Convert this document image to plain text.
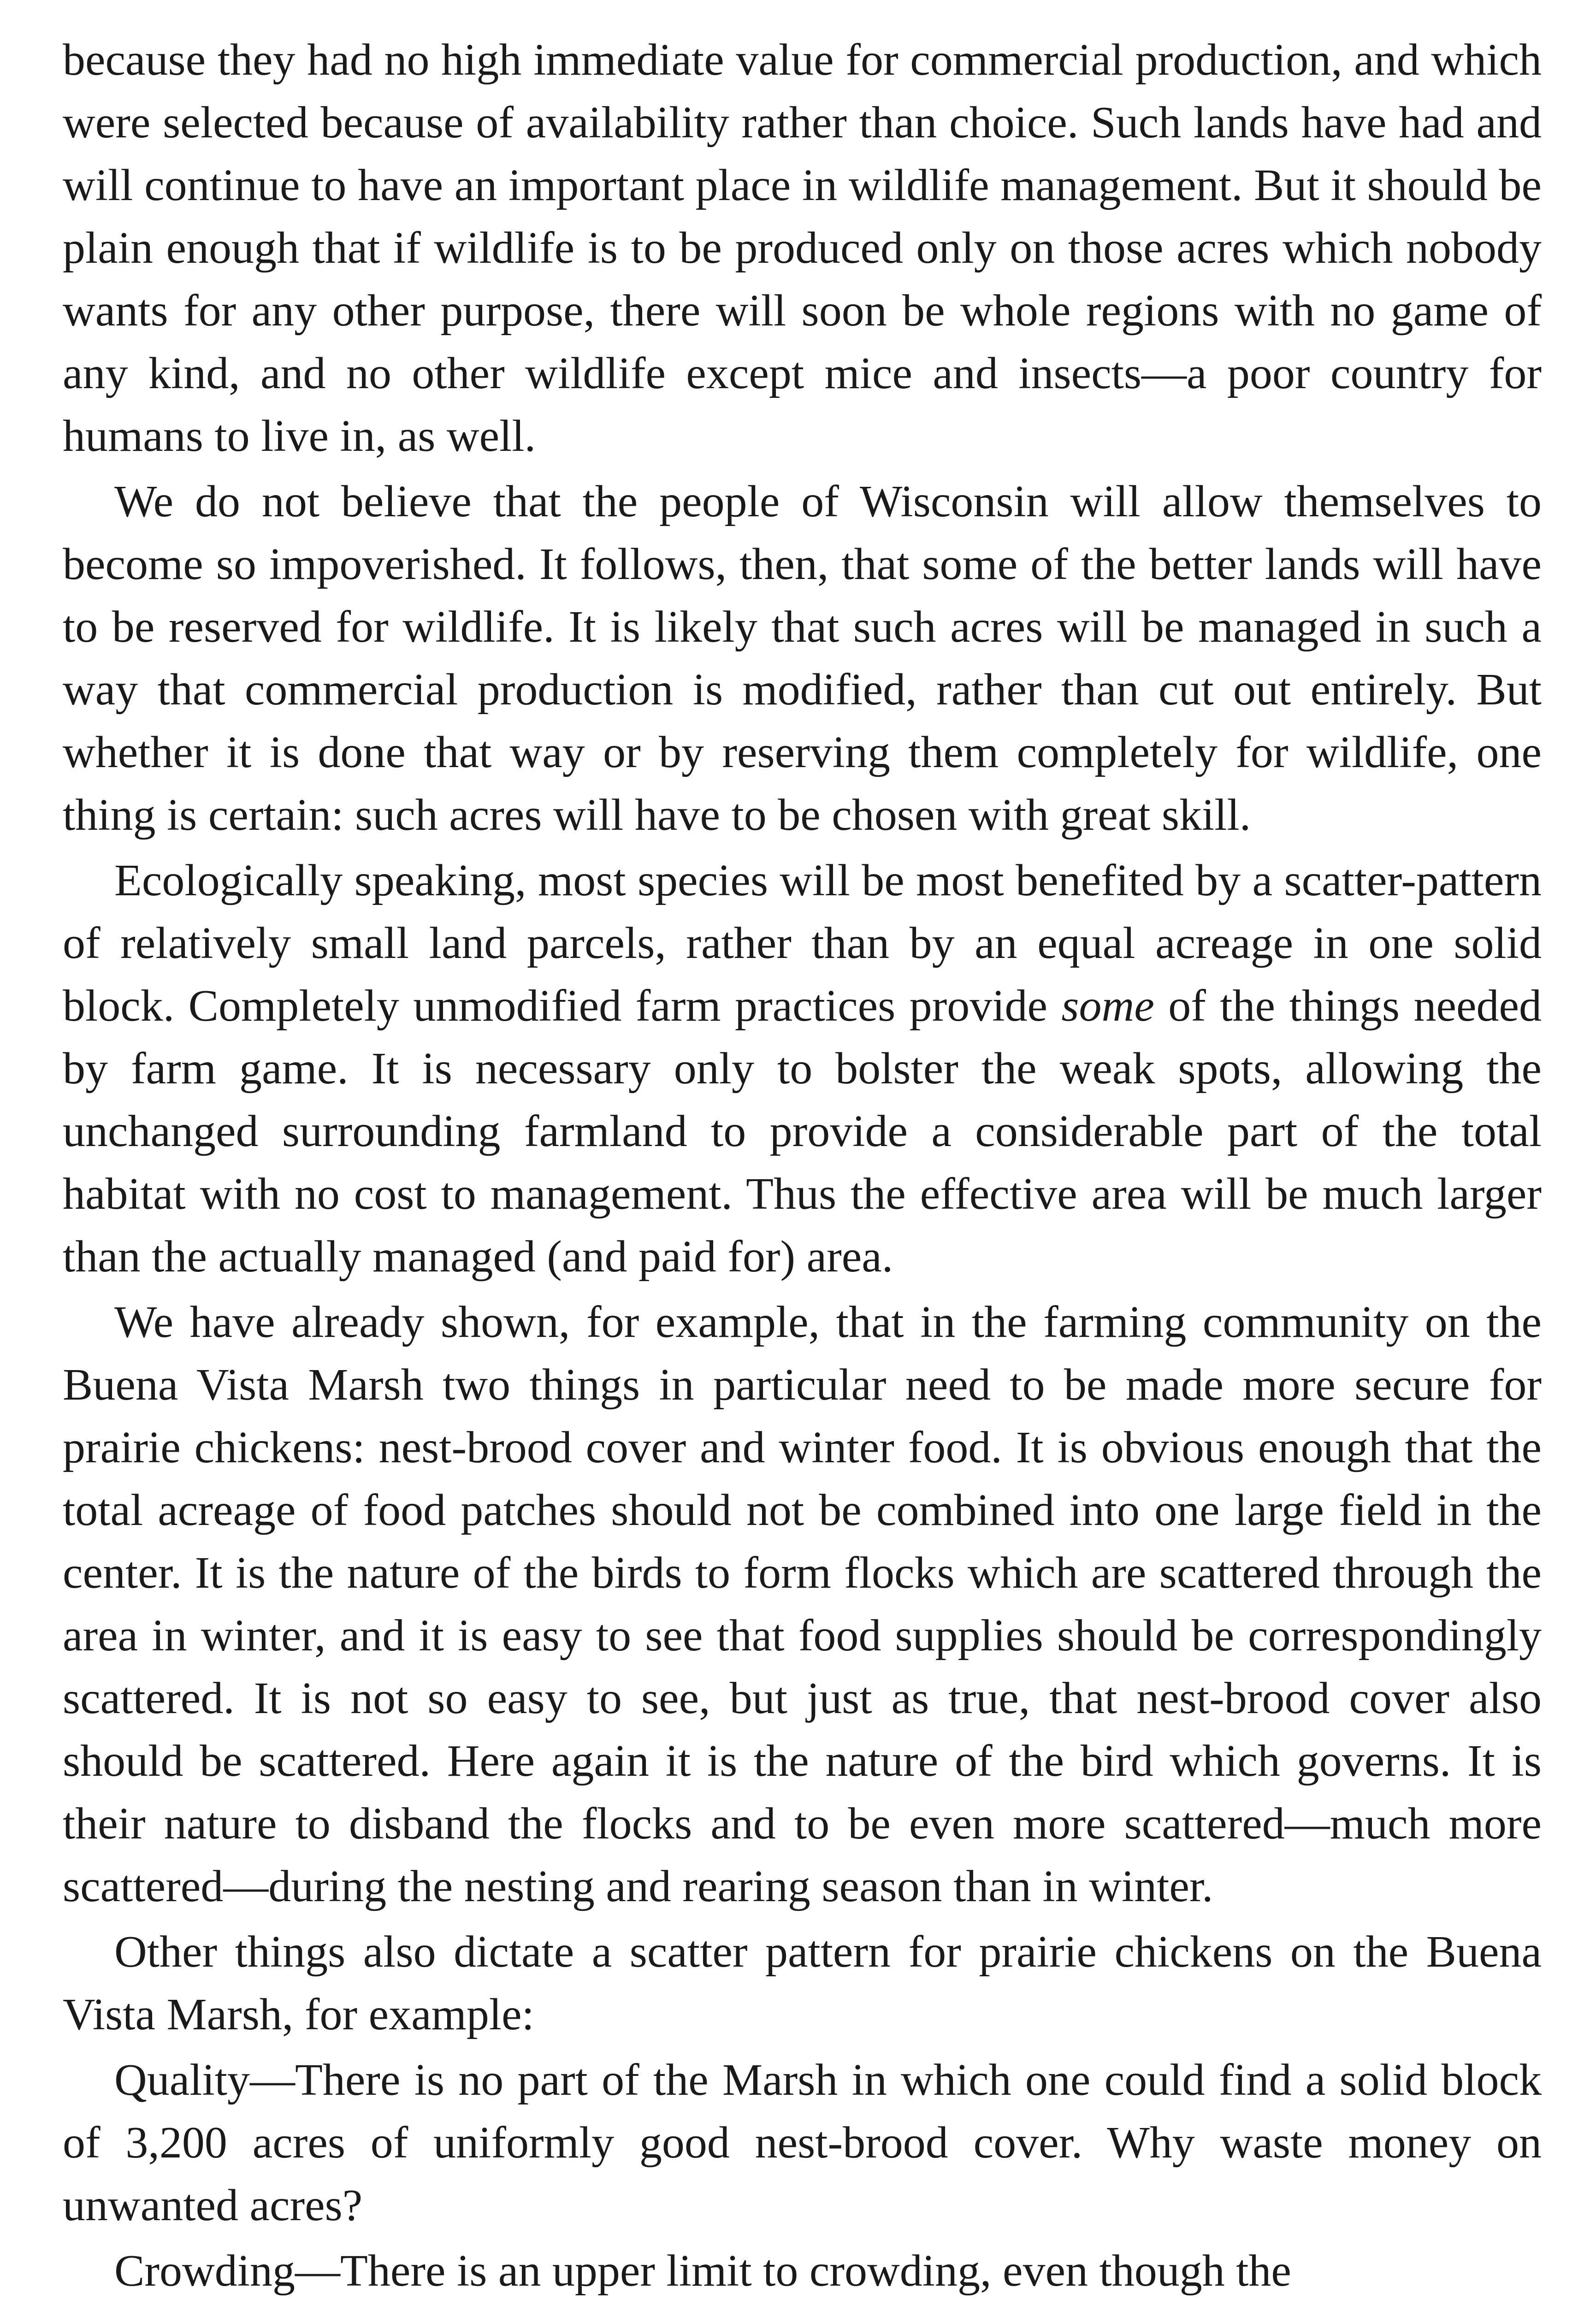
because they had no high immediate value for commercial production, and which were selected because of availability rather than choice. Such lands have had and will continue to have an important place in wildlife management. But it should be plain enough that if wildlife is to be produced only on those acres which nobody wants for any other purpose, there will soon be whole regions with no game of any kind, and no other wildlife except mice and insects—a poor country for humans to live in, as well.

We do not believe that the people of Wisconsin will allow themselves to become so impoverished. It follows, then, that some of the better lands will have to be reserved for wildlife. It is likely that such acres will be managed in such a way that commercial production is modified, rather than cut out entirely. But whether it is done that way or by reserving them completely for wildlife, one thing is certain: such acres will have to be chosen with great skill.

Ecologically speaking, most species will be most benefited by a scatter-pattern of relatively small land parcels, rather than by an equal acreage in one solid block. Completely unmodified farm practices provide some of the things needed by farm game. It is necessary only to bolster the weak spots, allowing the unchanged surrounding farmland to provide a considerable part of the total habitat with no cost to management. Thus the effective area will be much larger than the actually managed (and paid for) area.

We have already shown, for example, that in the farming community on the Buena Vista Marsh two things in particular need to be made more secure for prairie chickens: nest-brood cover and winter food. It is obvious enough that the total acreage of food patches should not be combined into one large field in the center. It is the nature of the birds to form flocks which are scattered through the area in winter, and it is easy to see that food supplies should be correspondingly scattered. It is not so easy to see, but just as true, that nest-brood cover also should be scattered. Here again it is the nature of the bird which governs. It is their nature to disband the flocks and to be even more scattered—much more scattered—during the nesting and rearing season than in winter.

Other things also dictate a scatter pattern for prairie chickens on the Buena Vista Marsh, for example:

Quality—There is no part of the Marsh in which one could find a solid block of 3,200 acres of uniformly good nest-brood cover. Why waste money on unwanted acres?

Crowding—There is an upper limit to crowding, even though the
